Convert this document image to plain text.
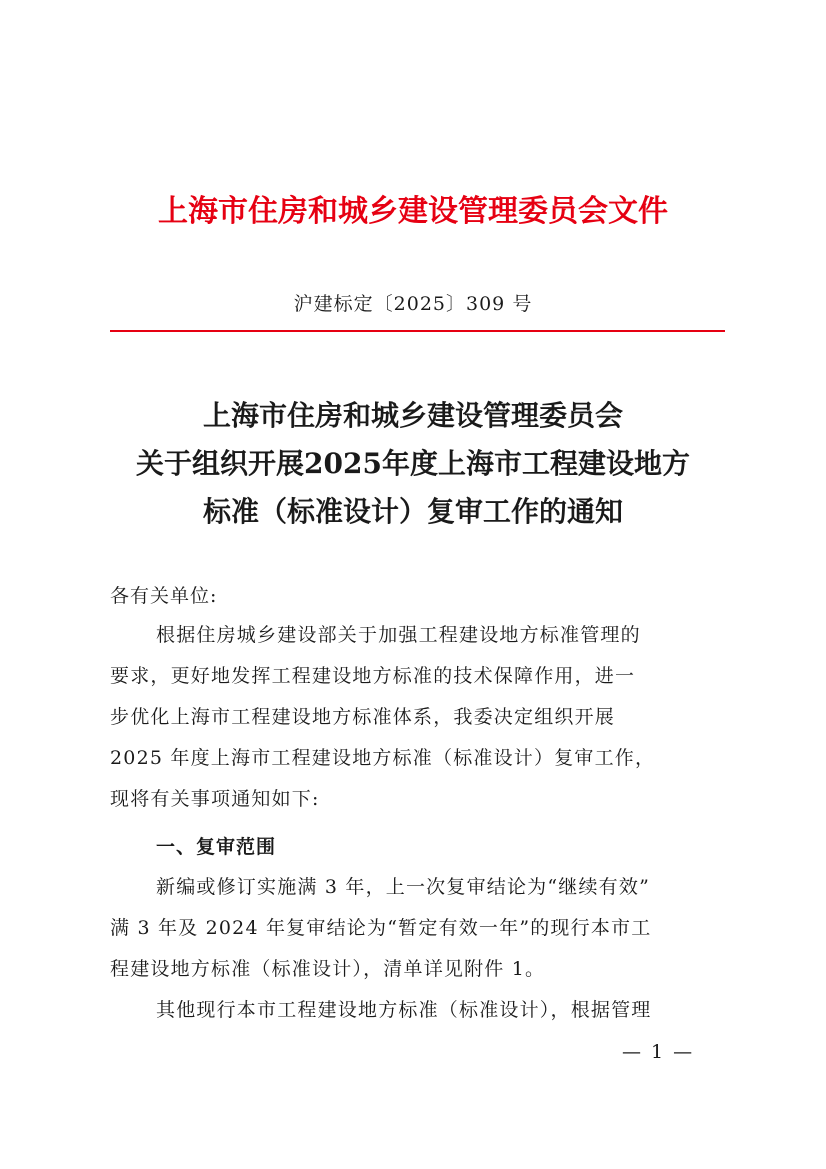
上海市住房和城乡建设管理委员会文件
沪建标定〔2025〕309 号
上海市住房和城乡建设管理委员会
关于组织开展2025年度上海市工程建设地方
标准（标准设计）复审工作的通知
各有关单位:
根据住房城乡建设部关于加强工程建设地方标准管理的
要求，更好地发挥工程建设地方标准的技术保障作用，进一
步优化上海市工程建设地方标准体系，我委决定组织开展
2025 年度上海市工程建设地方标准（标准设计）复审工作，
现将有关事项通知如下:
一、复审范围
新编或修订实施满 3 年，上一次复审结论为“继续有效”
满 3 年及 2024 年复审结论为“暂定有效一年”的现行本市工
程建设地方标准（标准设计），清单详见附件 1。
其他现行本市工程建设地方标准（标准设计），根据管理
— 1 —
